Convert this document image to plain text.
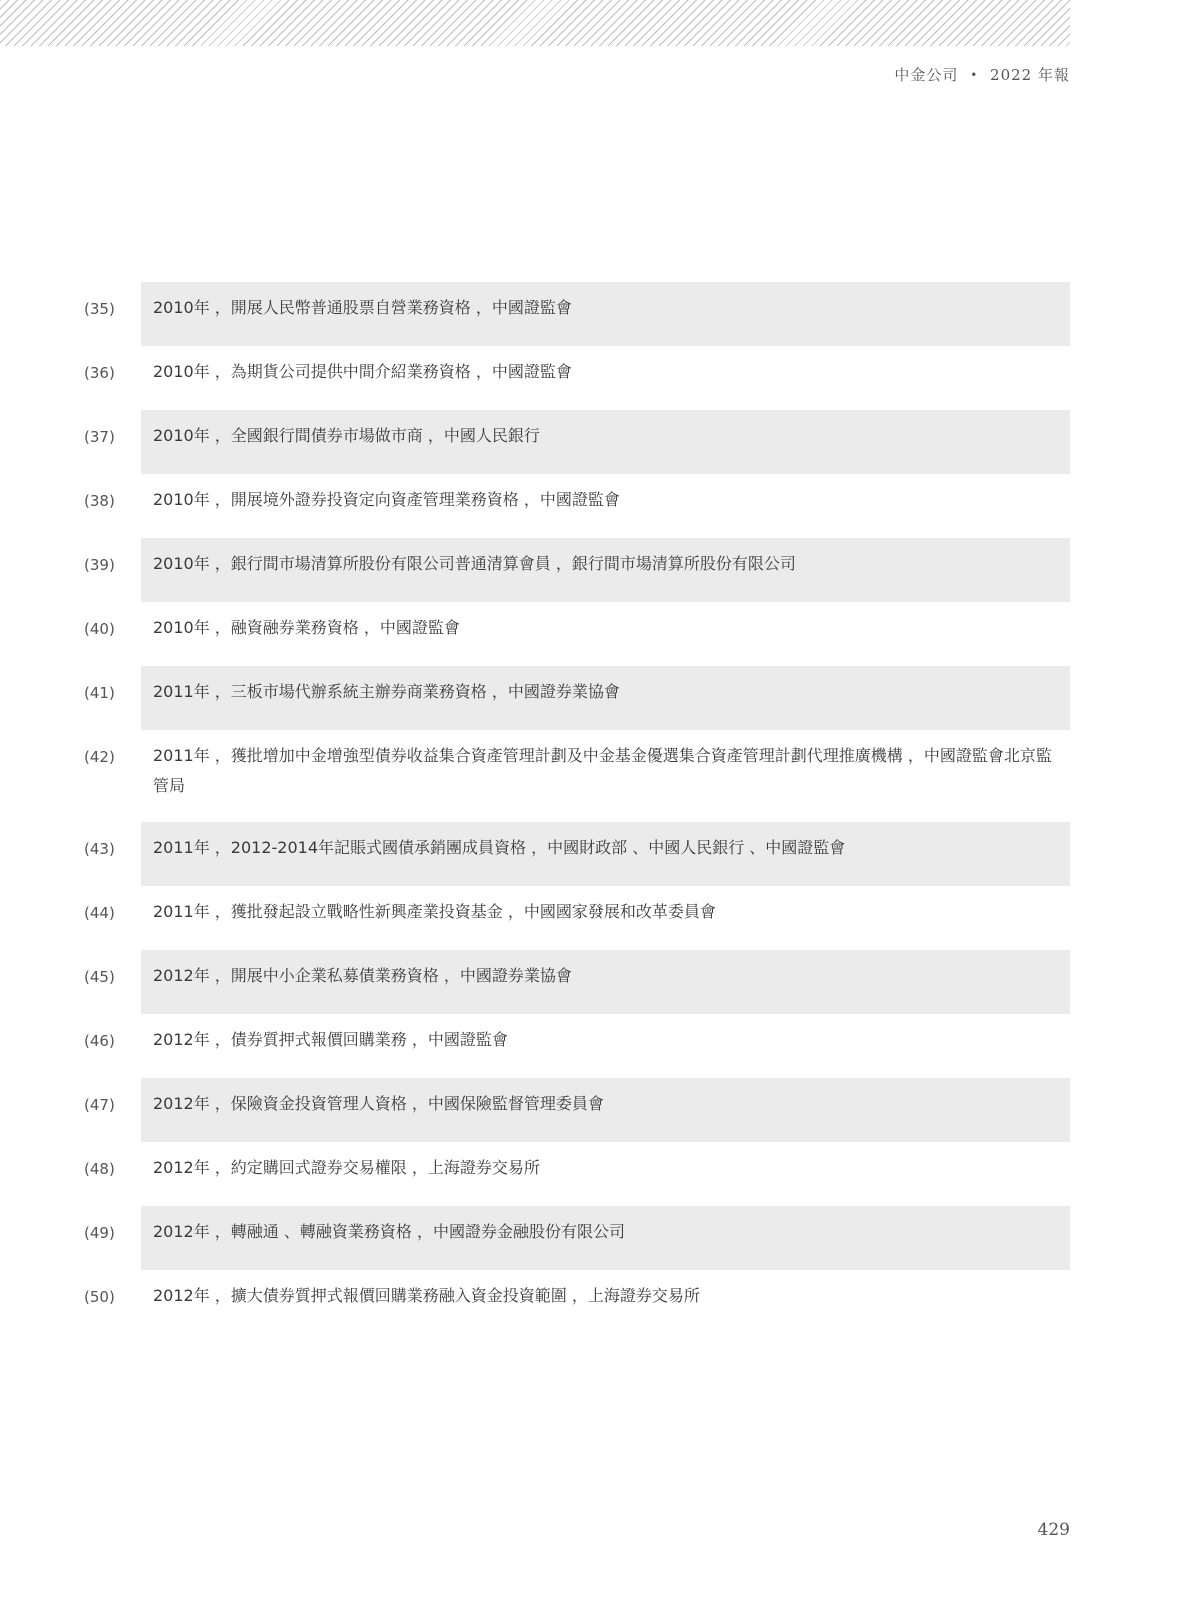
中金公司 • 2022 年報
(35)	2010年 ，開展人民幣普通股票自營業務資格 ，中國證監會
(36)	2010年 ，為期貨公司提供中間介紹業務資格 ，中國證監會
(37)	2010年 ，全國銀行間債券市場做市商 ，中國人民銀行
(38)	2010年 ，開展境外證券投資定向資產管理業務資格 ，中國證監會
(39)	2010年 ，銀行間市場清算所股份有限公司普通清算會員 ，銀行間市場清算所股份有限公司
(40)	2010年 ，融資融券業務資格 ，中國證監會
(41)	2011年 ，三板市場代辦系統主辦券商業務資格 ，中國證券業協會
(42)	2011年 ，獲批增加中金增強型債券收益集合資產管理計劃及中金基金優選集合資產管理計劃代理推廣機構 ，中國證監會北京監管局
(43)	2011年 ，2012-2014年記賬式國債承銷團成員資格 ，中國財政部 、中國人民銀行 、中國證監會
(44)	2011年 ，獲批發起設立戰略性新興產業投資基金 ，中國國家發展和改革委員會
(45)	2012年 ，開展中小企業私募債業務資格 ，中國證券業協會
(46)	2012年 ，債券質押式報價回購業務 ，中國證監會
(47)	2012年 ，保險資金投資管理人資格 ，中國保險監督管理委員會
(48)	2012年 ，約定購回式證券交易權限 ，上海證券交易所
(49)	2012年 ，轉融通 、轉融資業務資格 ，中國證券金融股份有限公司
(50)	2012年 ，擴大債券質押式報價回購業務融入資金投資範圍 ，上海證券交易所
429
